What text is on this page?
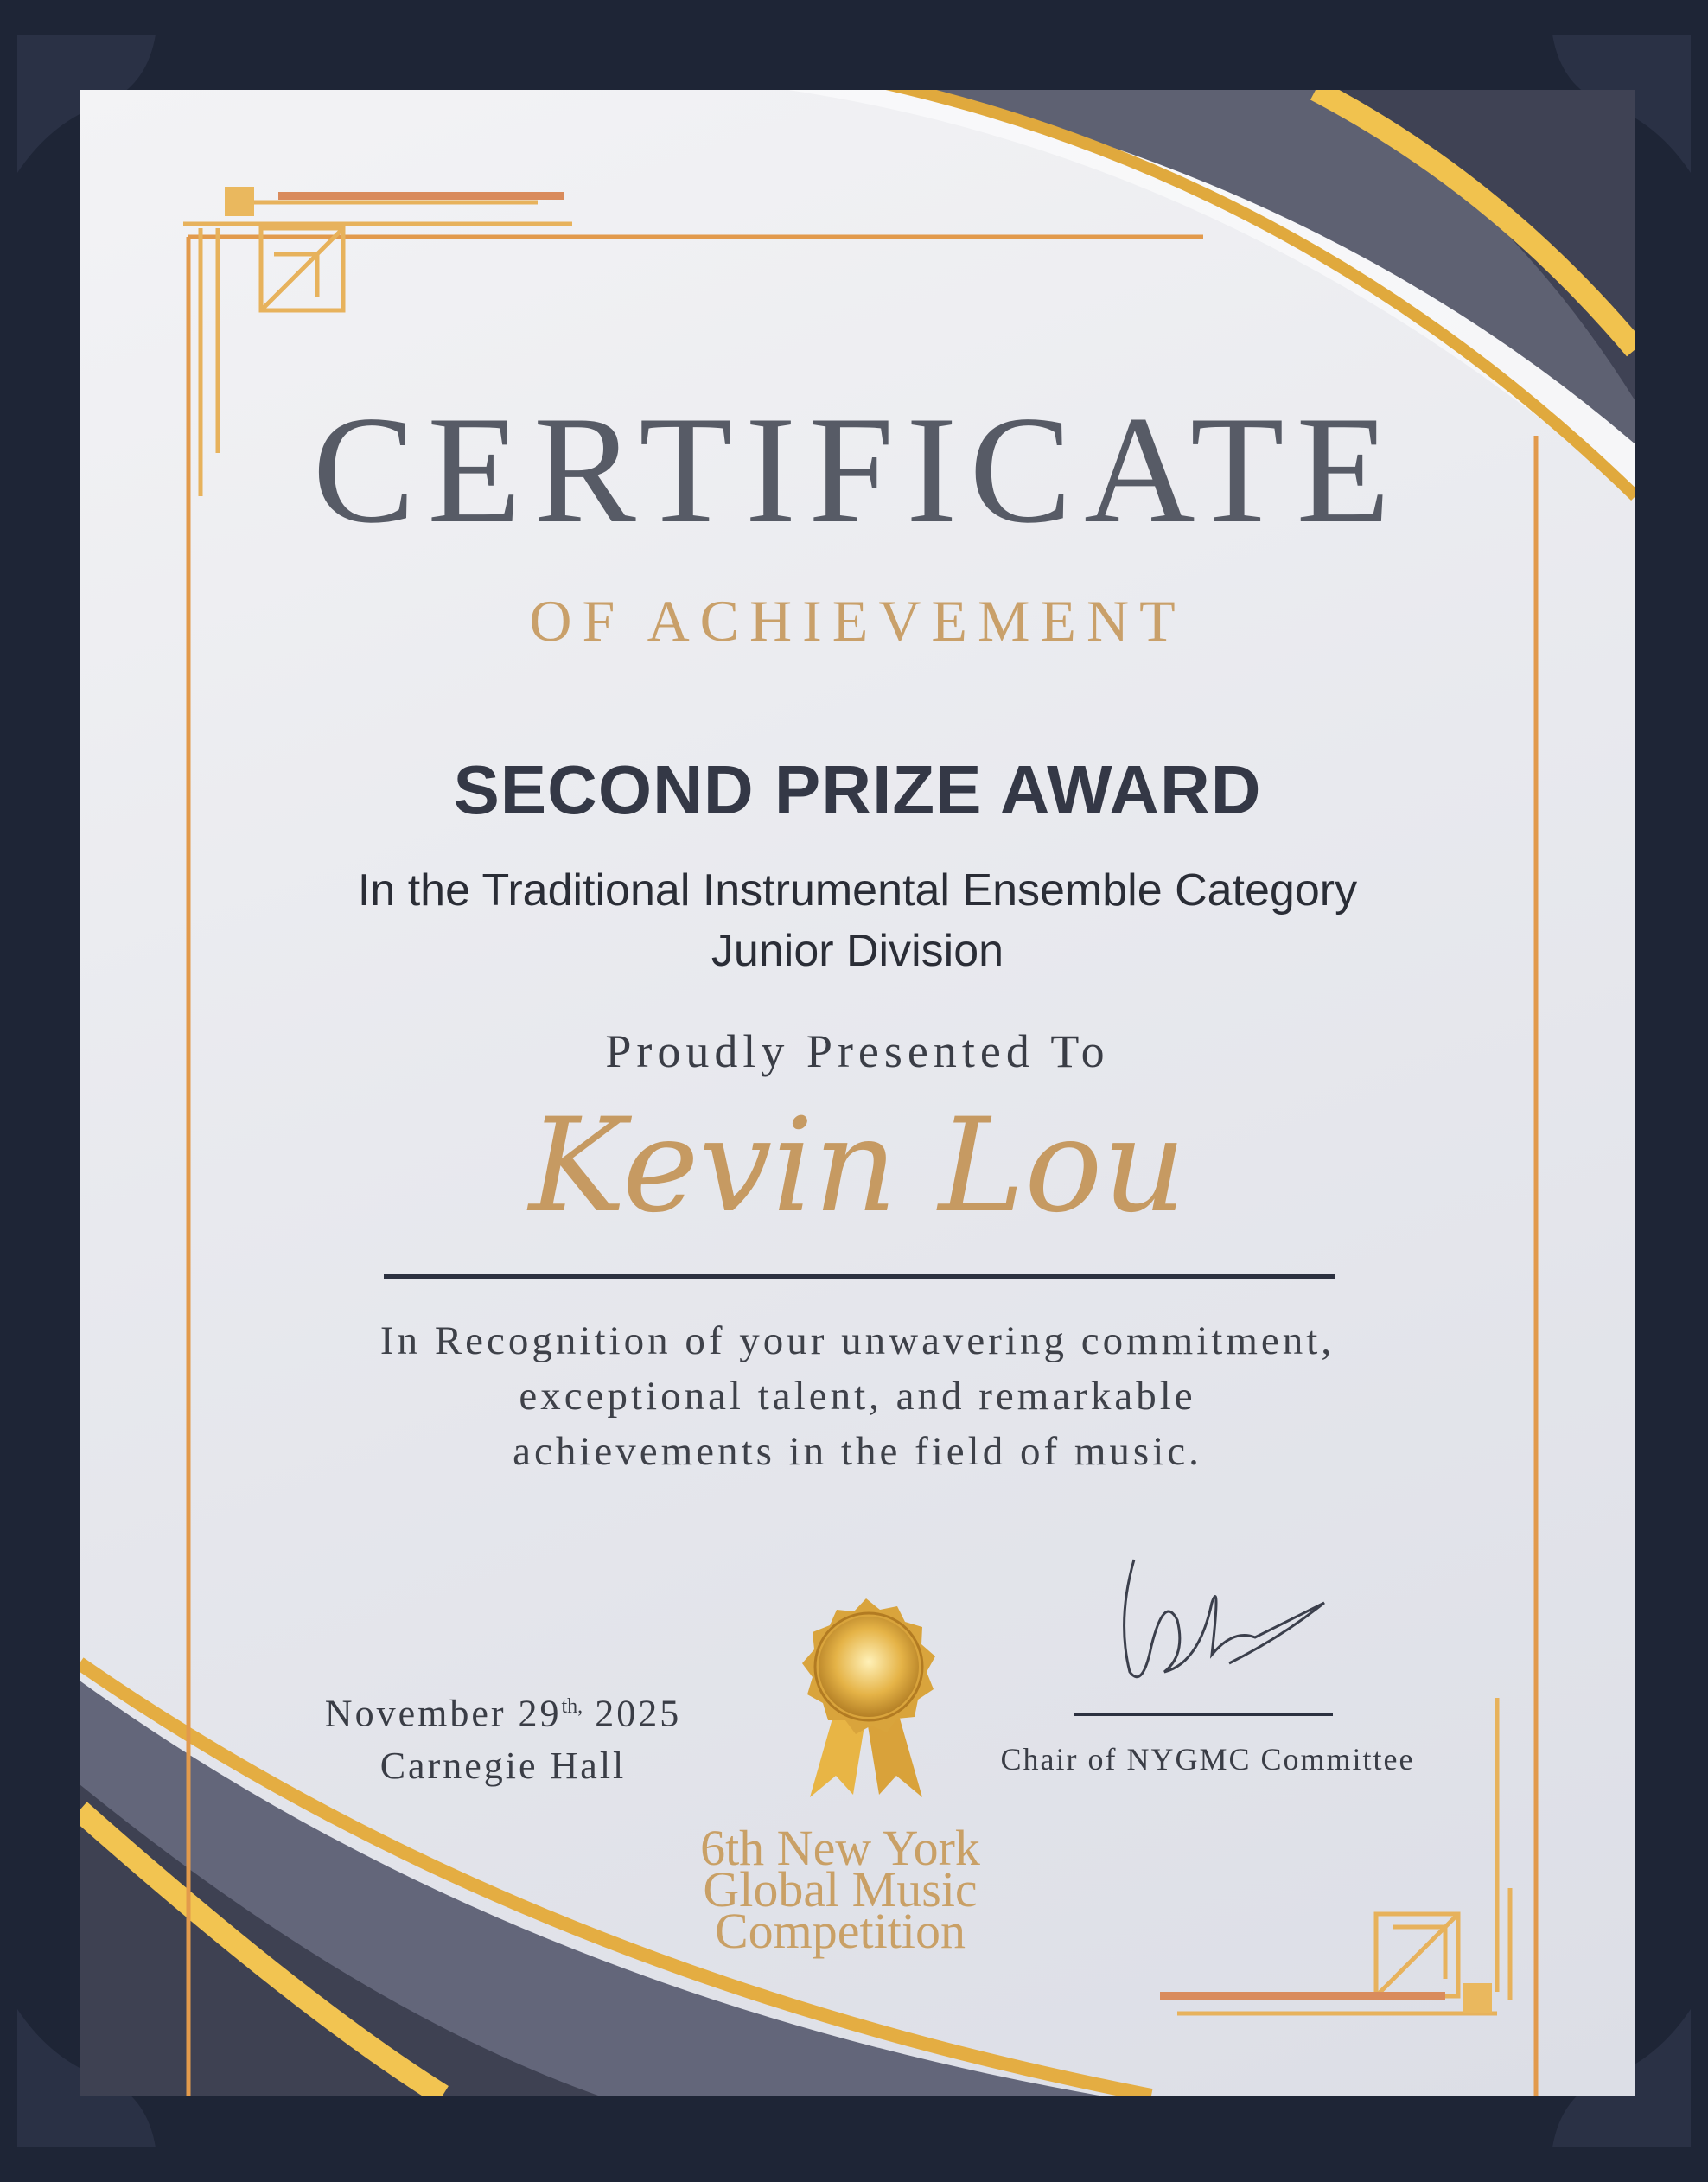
CERTIFICATE
OF ACHIEVEMENT
SECOND PRIZE AWARD
In the Traditional Instrumental Ensemble Category
Junior Division
Proudly Presented To
Kevin Lou
In Recognition of your unwavering commitment,
exceptional talent, and remarkable
achievements in the field of music.
November $29^{th,}$ 2025
Carnegie Hall	Chair of NYGMC Committee
6th New York
Global Music
Competition
